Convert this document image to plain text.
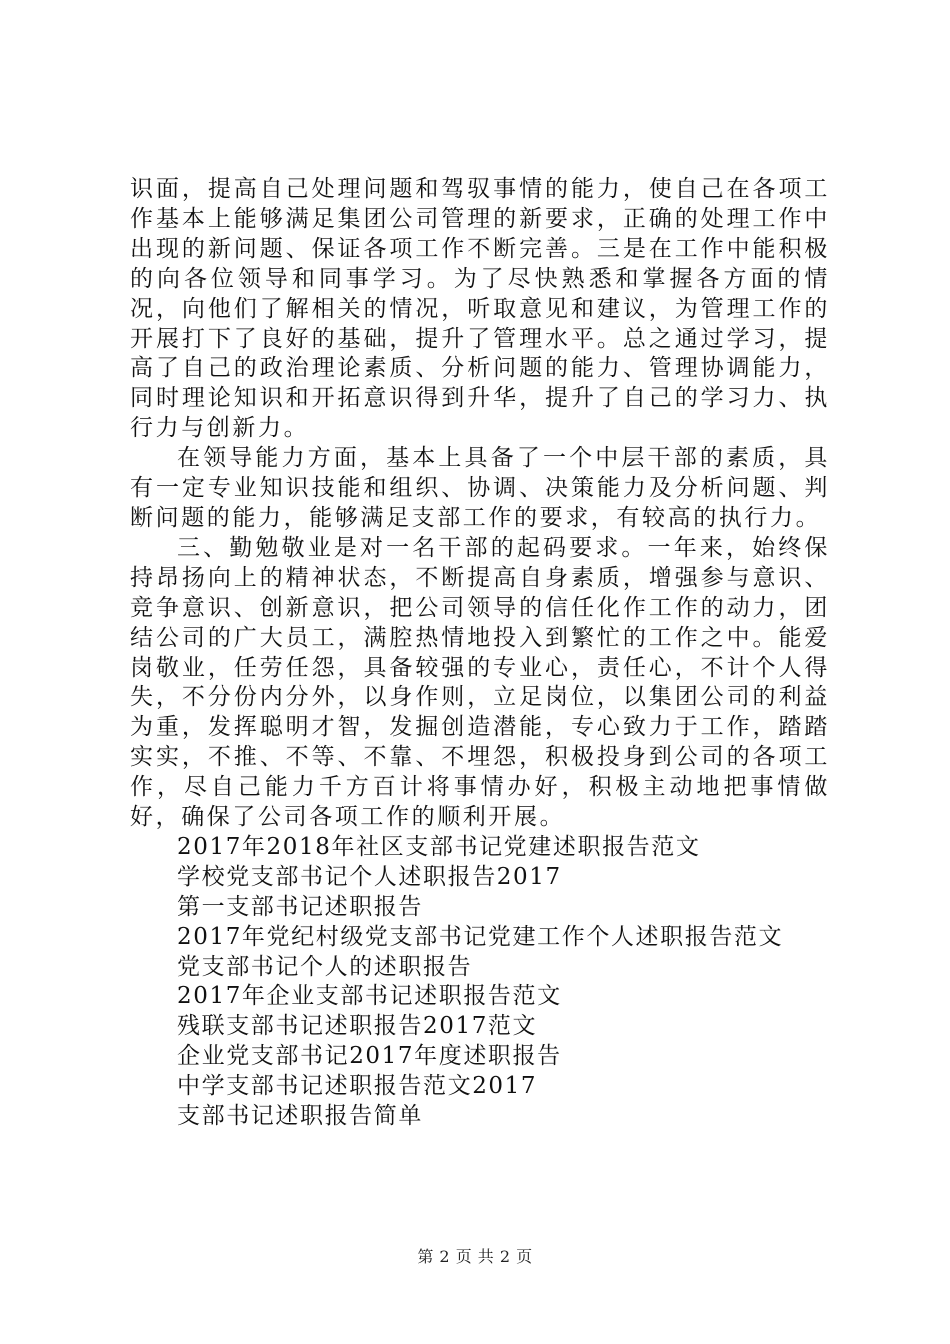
识面，提高自己处理问题和驾驭事情的能力，使自己在各项工作基本上能够满足集团公司管理的新要求，正确的处理工作中出现的新问题、保证各项工作不断完善。三是在工作中能积极的向各位领导和同事学习。为了尽快熟悉和掌握各方面的情况，向他们了解相关的情况，听取意见和建议，为管理工作的开展打下了良好的基础，提升了管理水平。总之通过学习，提高了自己的政治理论素质、分析问题的能力、管理协调能力，同时理论知识和开拓意识得到升华，提升了自己的学习力、执行力与创新力。

在领导能力方面，基本上具备了一个中层干部的素质，具有一定专业知识技能和组织、协调、决策能力及分析问题、判断问题的能力，能够满足支部工作的要求，有较高的执行力。

三、勤勉敬业是对一名干部的起码要求。一年来，始终保持昂扬向上的精神状态，不断提高自身素质，增强参与意识、竞争意识、创新意识，把公司领导的信任化作工作的动力，团结公司的广大员工，满腔热情地投入到繁忙的工作之中。能爱岗敬业，任劳任怨，具备较强的专业心，责任心，不计个人得失，不分份内分外，以身作则，立足岗位，以集团公司的利益为重，发挥聪明才智，发掘创造潜能，专心致力于工作，踏踏实实，不推、不等、不靠、不埋怨，积极投身到公司的各项工作，尽自己能力千方百计将事情办好，积极主动地把事情做好，确保了公司各项工作的顺利开展。

2017年2018年社区支部书记党建述职报告范文
学校党支部书记个人述职报告2017
第一支部书记述职报告
2017年党纪村级党支部书记党建工作个人述职报告范文
党支部书记个人的述职报告
2017年企业支部书记述职报告范文
残联支部书记述职报告2017范文
企业党支部书记2017年度述职报告
中学支部书记述职报告范文2017
支部书记述职报告简单
第 2 页 共 2 页
